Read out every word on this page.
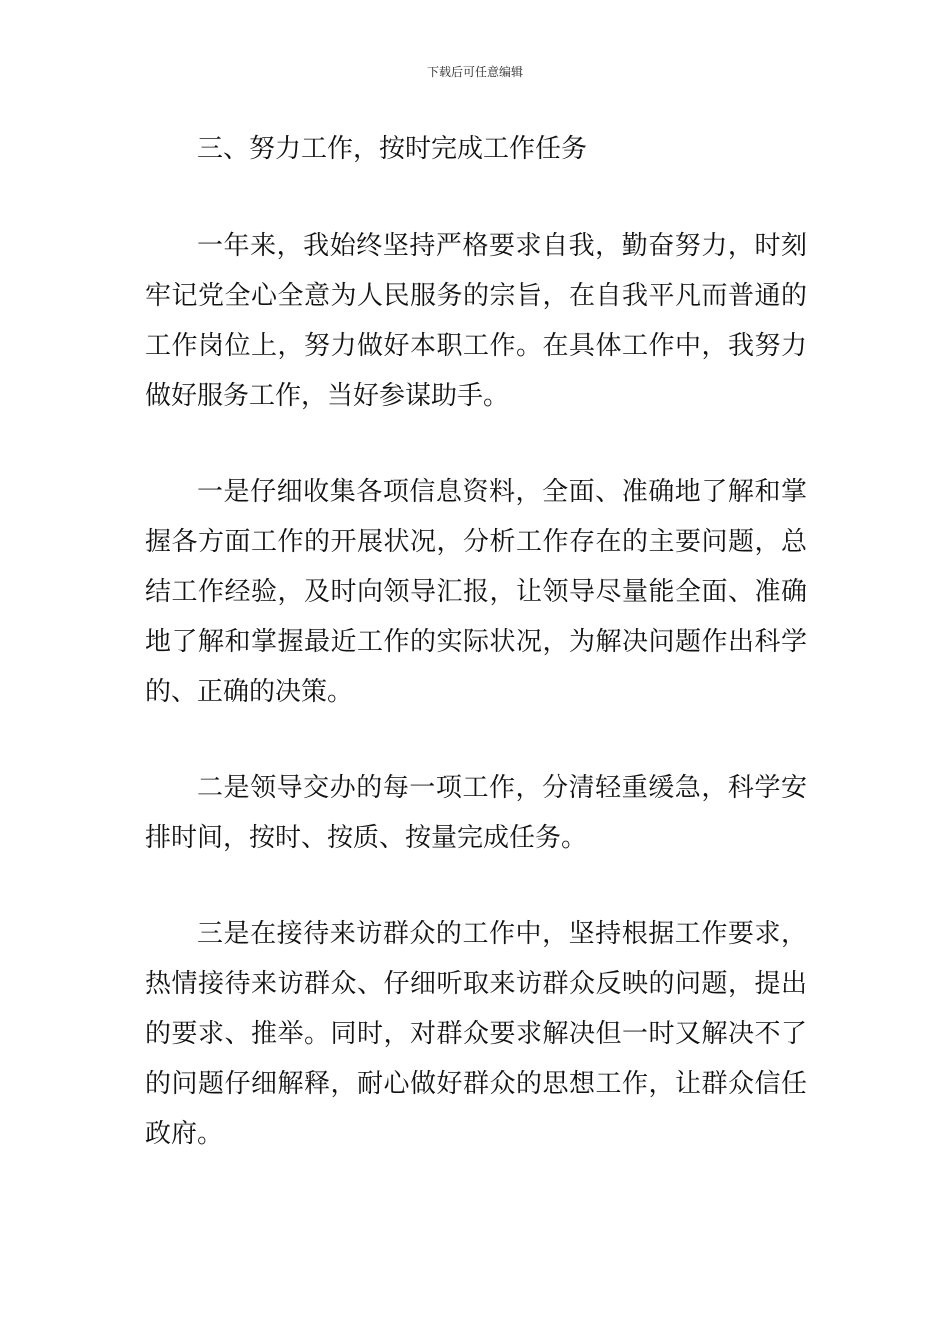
下载后可任意编辑
三、努力工作，按时完成工作任务

一年来，我始终坚持严格要求自我，勤奋努力，时刻牢记党全心全意为人民服务的宗旨，在自我平凡而普通的工作岗位上，努力做好本职工作。在具体工作中，我努力做好服务工作，当好参谋助手。

一是仔细收集各项信息资料，全面、准确地了解和掌握各方面工作的开展状况，分析工作存在的主要问题，总结工作经验，及时向领导汇报，让领导尽量能全面、准确地了解和掌握最近工作的实际状况，为解决问题作出科学的、正确的决策。

二是领导交办的每一项工作，分清轻重缓急，科学安排时间，按时、按质、按量完成任务。

三是在接待来访群众的工作中，坚持根据工作要求，热情接待来访群众、仔细听取来访群众反映的问题，提出的要求、推举。同时，对群众要求解决但一时又解决不了的问题仔细解释，耐心做好群众的思想工作，让群众信任政府。
